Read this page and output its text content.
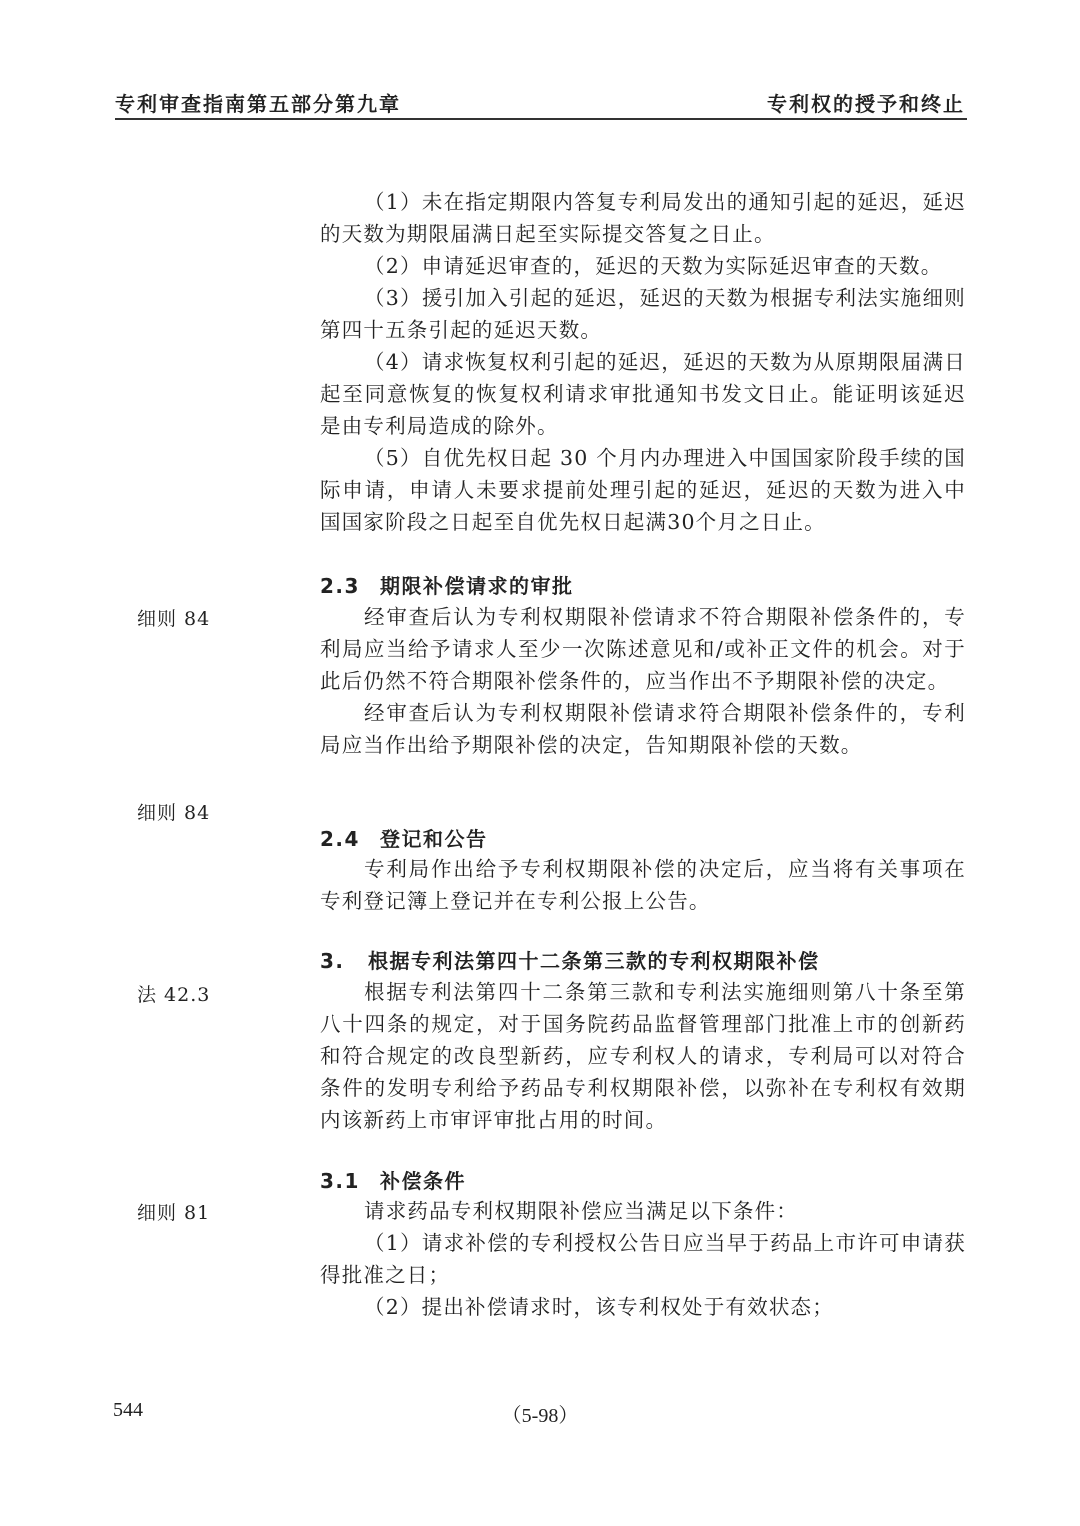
专利审查指南第五部分第九章	专利权的授予和终止

（1）未在指定期限内答复专利局发出的通知引起的延迟，延迟的天数为期限届满日起至实际提交答复之日止。

（2）申请延迟审查的，延迟的天数为实际延迟审查的天数。

（3）援引加入引起的延迟，延迟的天数为根据专利法实施细则第四十五条引起的延迟天数。

（4）请求恢复权利引起的延迟，延迟的天数为从原期限届满日起至同意恢复的恢复权利请求审批通知书发文日止。能证明该延迟是由专利局造成的除外。

（5）自优先权日起 30 个月内办理进入中国国家阶段手续的国际申请，申请人未要求提前处理引起的延迟，延迟的天数为进入中国国家阶段之日起至自优先权日起满30个月之日止。

2.3 期限补偿请求的审批
细则 84	经审查后认为专利权期限补偿请求不符合期限补偿条件的，专利局应当给予请求人至少一次陈述意见和/或补正文件的机会。对于此后仍然不符合期限补偿条件的，应当作出不予期限补偿的决定。

经审查后认为专利权期限补偿请求符合期限补偿条件的，专利局应当作出给予期限补偿的决定，告知期限补偿的天数。

细则 84
2.4 登记和公告

专利局作出给予专利权期限补偿的决定后，应当将有关事项在专利登记簿上登记并在专利公报上公告。

3. 根据专利法第四十二条第三款的专利权期限补偿
法 42.3	根据专利法第四十二条第三款和专利法实施细则第八十条至第八十四条的规定，对于国务院药品监督管理部门批准上市的创新药和符合规定的改良型新药，应专利权人的请求，专利局可以对符合条件的发明专利给予药品专利权期限补偿，以弥补在专利权有效期内该新药上市审评审批占用的时间。

3.1 补偿条件
细则 81	请求药品专利权期限补偿应当满足以下条件：

（1）请求补偿的专利授权公告日应当早于药品上市许可申请获得批准之日；

（2）提出补偿请求时，该专利权处于有效状态；

544	（5-98）
